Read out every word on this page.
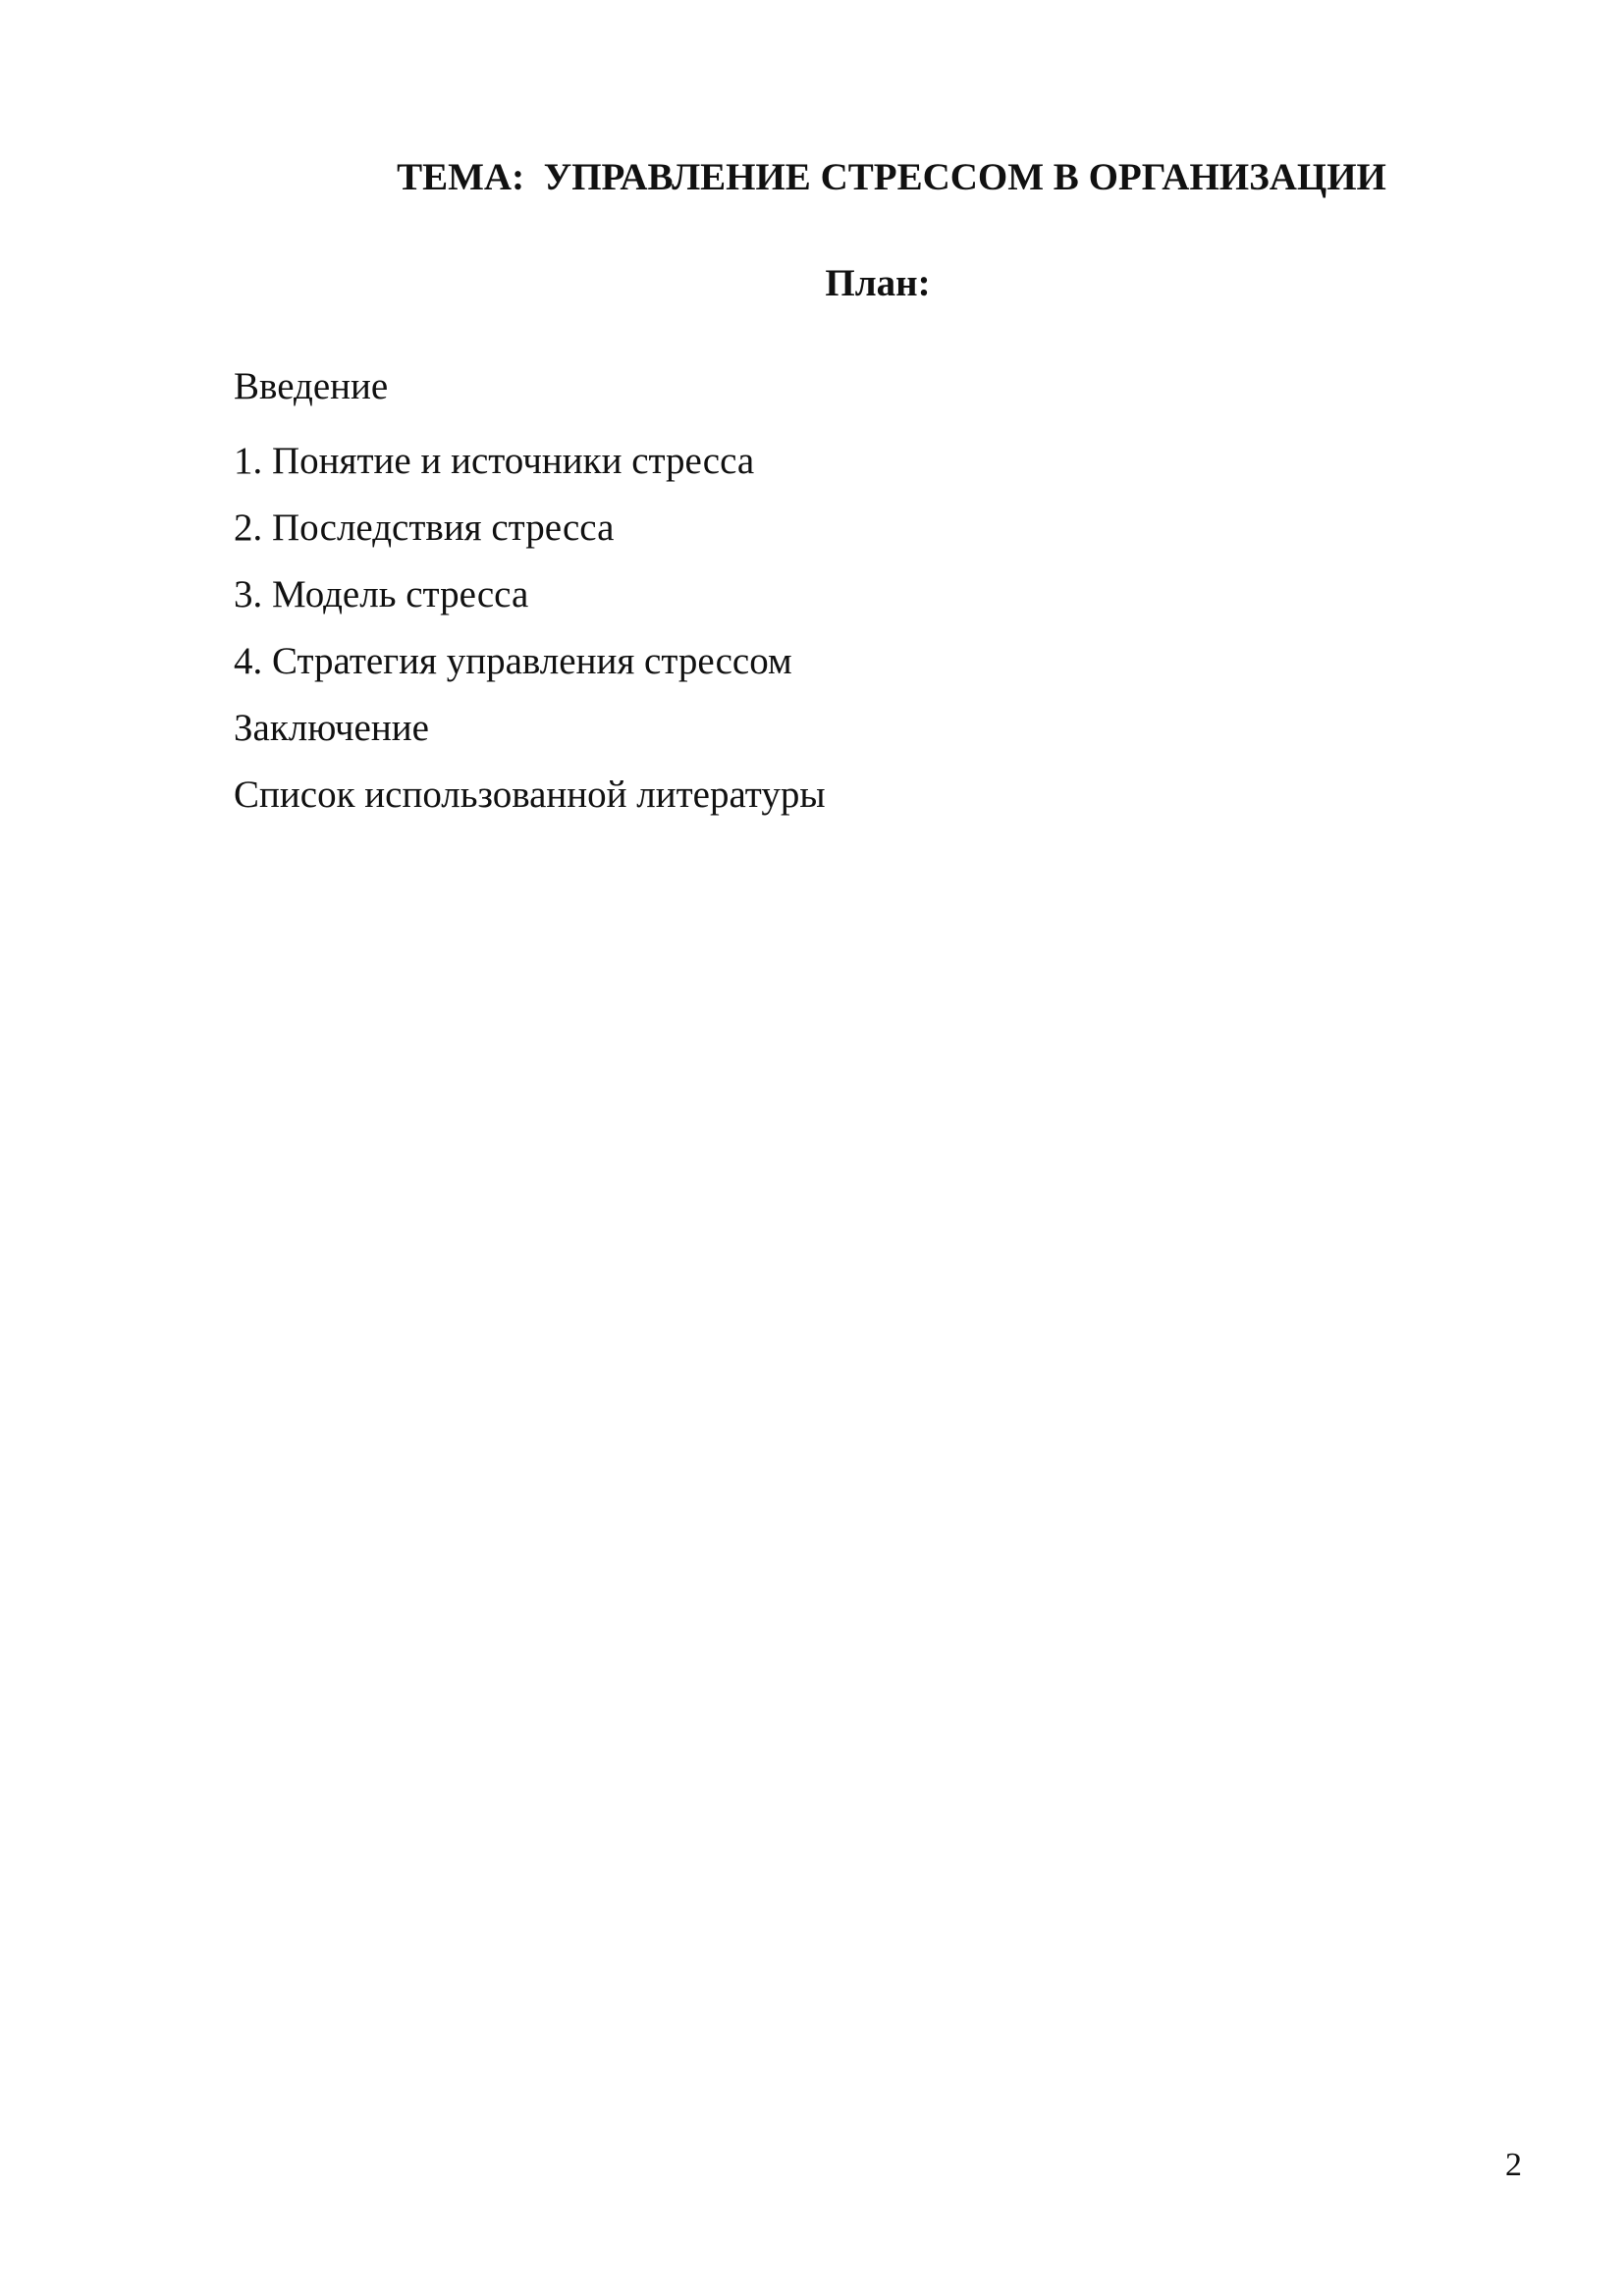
ТЕМА:  УПРАВЛЕНИЕ СТРЕССОМ В ОРГАНИЗАЦИИ
План:
Введение
1. Понятие и источники стресса
2. Последствия стресса
3. Модель стресса
4. Стратегия управления стрессом
Заключение
Список использованной литературы
2
